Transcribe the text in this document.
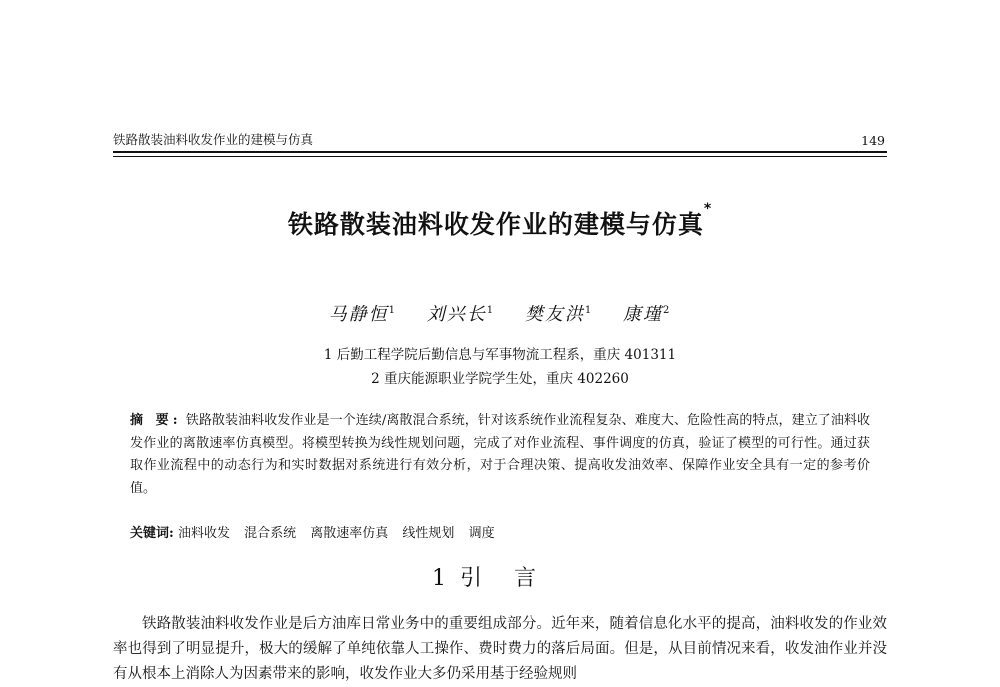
铁路散装油料收发作业的建模与仿真	149
铁路散装油料收发作业的建模与仿真*
马静恒$^1$ 刘兴长$^1$ 樊友洪$^1$ 康瑾$^2$
1 后勤工程学院后勤信息与军事物流工程系，重庆 401311
2 重庆能源职业学院学生处，重庆 402260
摘 要: 铁路散装油料收发作业是一个连续/离散混合系统，针对该系统作业流程复杂、难度大、危险性高的特点，建立了油料收发作业的离散速率仿真模型。将模型转换为线性规划问题，完成了对作业流程、事件调度的仿真，验证了模型的可行性。通过获取作业流程中的动态行为和实时数据对系统进行有效分析，对于合理决策、提高收发油效率、保障作业安全具有一定的参考价值。
关键词: 油料收发 混合系统 离散速率仿真 线性规划 调度
1 引言
铁路散装油料收发作业是后方油库日常业务中的重要组成部分。近年来，随着信息化水平的提高，油料收发的作业效率也得到了明显提升，极大的缓解了单纯依靠人工操作、费时费力的落后局面。但是，从目前情况来看，收发油作业并没有从根本上消除人为因素带来的影响，收发作业大多仍采用基于经验规则
